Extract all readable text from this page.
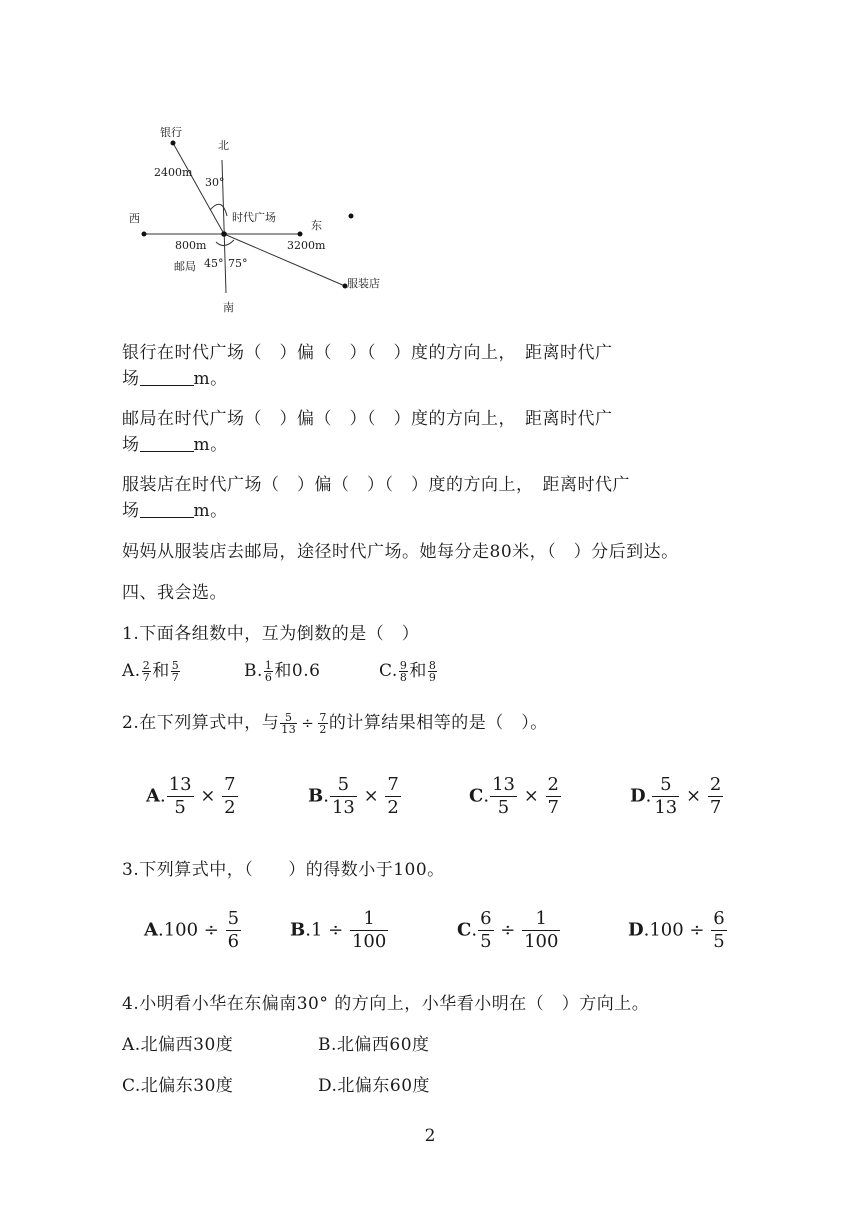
银行
北
2400m
30°
西	时代广场
东
800m	3200m
邮局 45° 75°
服装店
南
银行在时代广场（　）偏（　）（　）度的方向上，　距离时代广
场	m。
邮局在时代广场（　）偏（　）（　）度的方向上，　距离时代广
场	m。
服装店在时代广场（　）偏（　）（　）度的方向上，　距离时代广
场	m。
妈妈从服装店去邮局，途径时代广场。她每分走80米，（　）分后到达。
四、我会选。
1.下面各组数中，互为倒数的是（　）
A. $\frac{2}{7}$ 和 $\frac{5}{7}$	B. $\frac{1}{6}$ 和0.6	C. $\frac{9}{8}$ 和 $\frac{8}{9}$
2.在下列算式中，与 $\frac{5}{13} \div \frac{7}{2}$ 的计算结果相等的是（　）。
A. $\frac{13}{5} \times \frac{7}{2}$	B. $\frac{5}{13} \times \frac{7}{2}$	C. $\frac{13}{5} \times \frac{2}{7}$	D. $\frac{5}{13} \times \frac{2}{7}$
3.下列算式中，（　　）的得数小于100。
$A.100 \div \frac{5}{6}$	$B.1 \div \frac{1}{100}$	C. $\frac{6}{5} \div \frac{1}{100}$	$D.100 \div \frac{6}{5}$
4.小明看小华在东偏南30° 的方向上，小华看小明在（　）方向上。
A.北偏西30度	B.北偏西60度
C.北偏东30度	D.北偏东60度
2
